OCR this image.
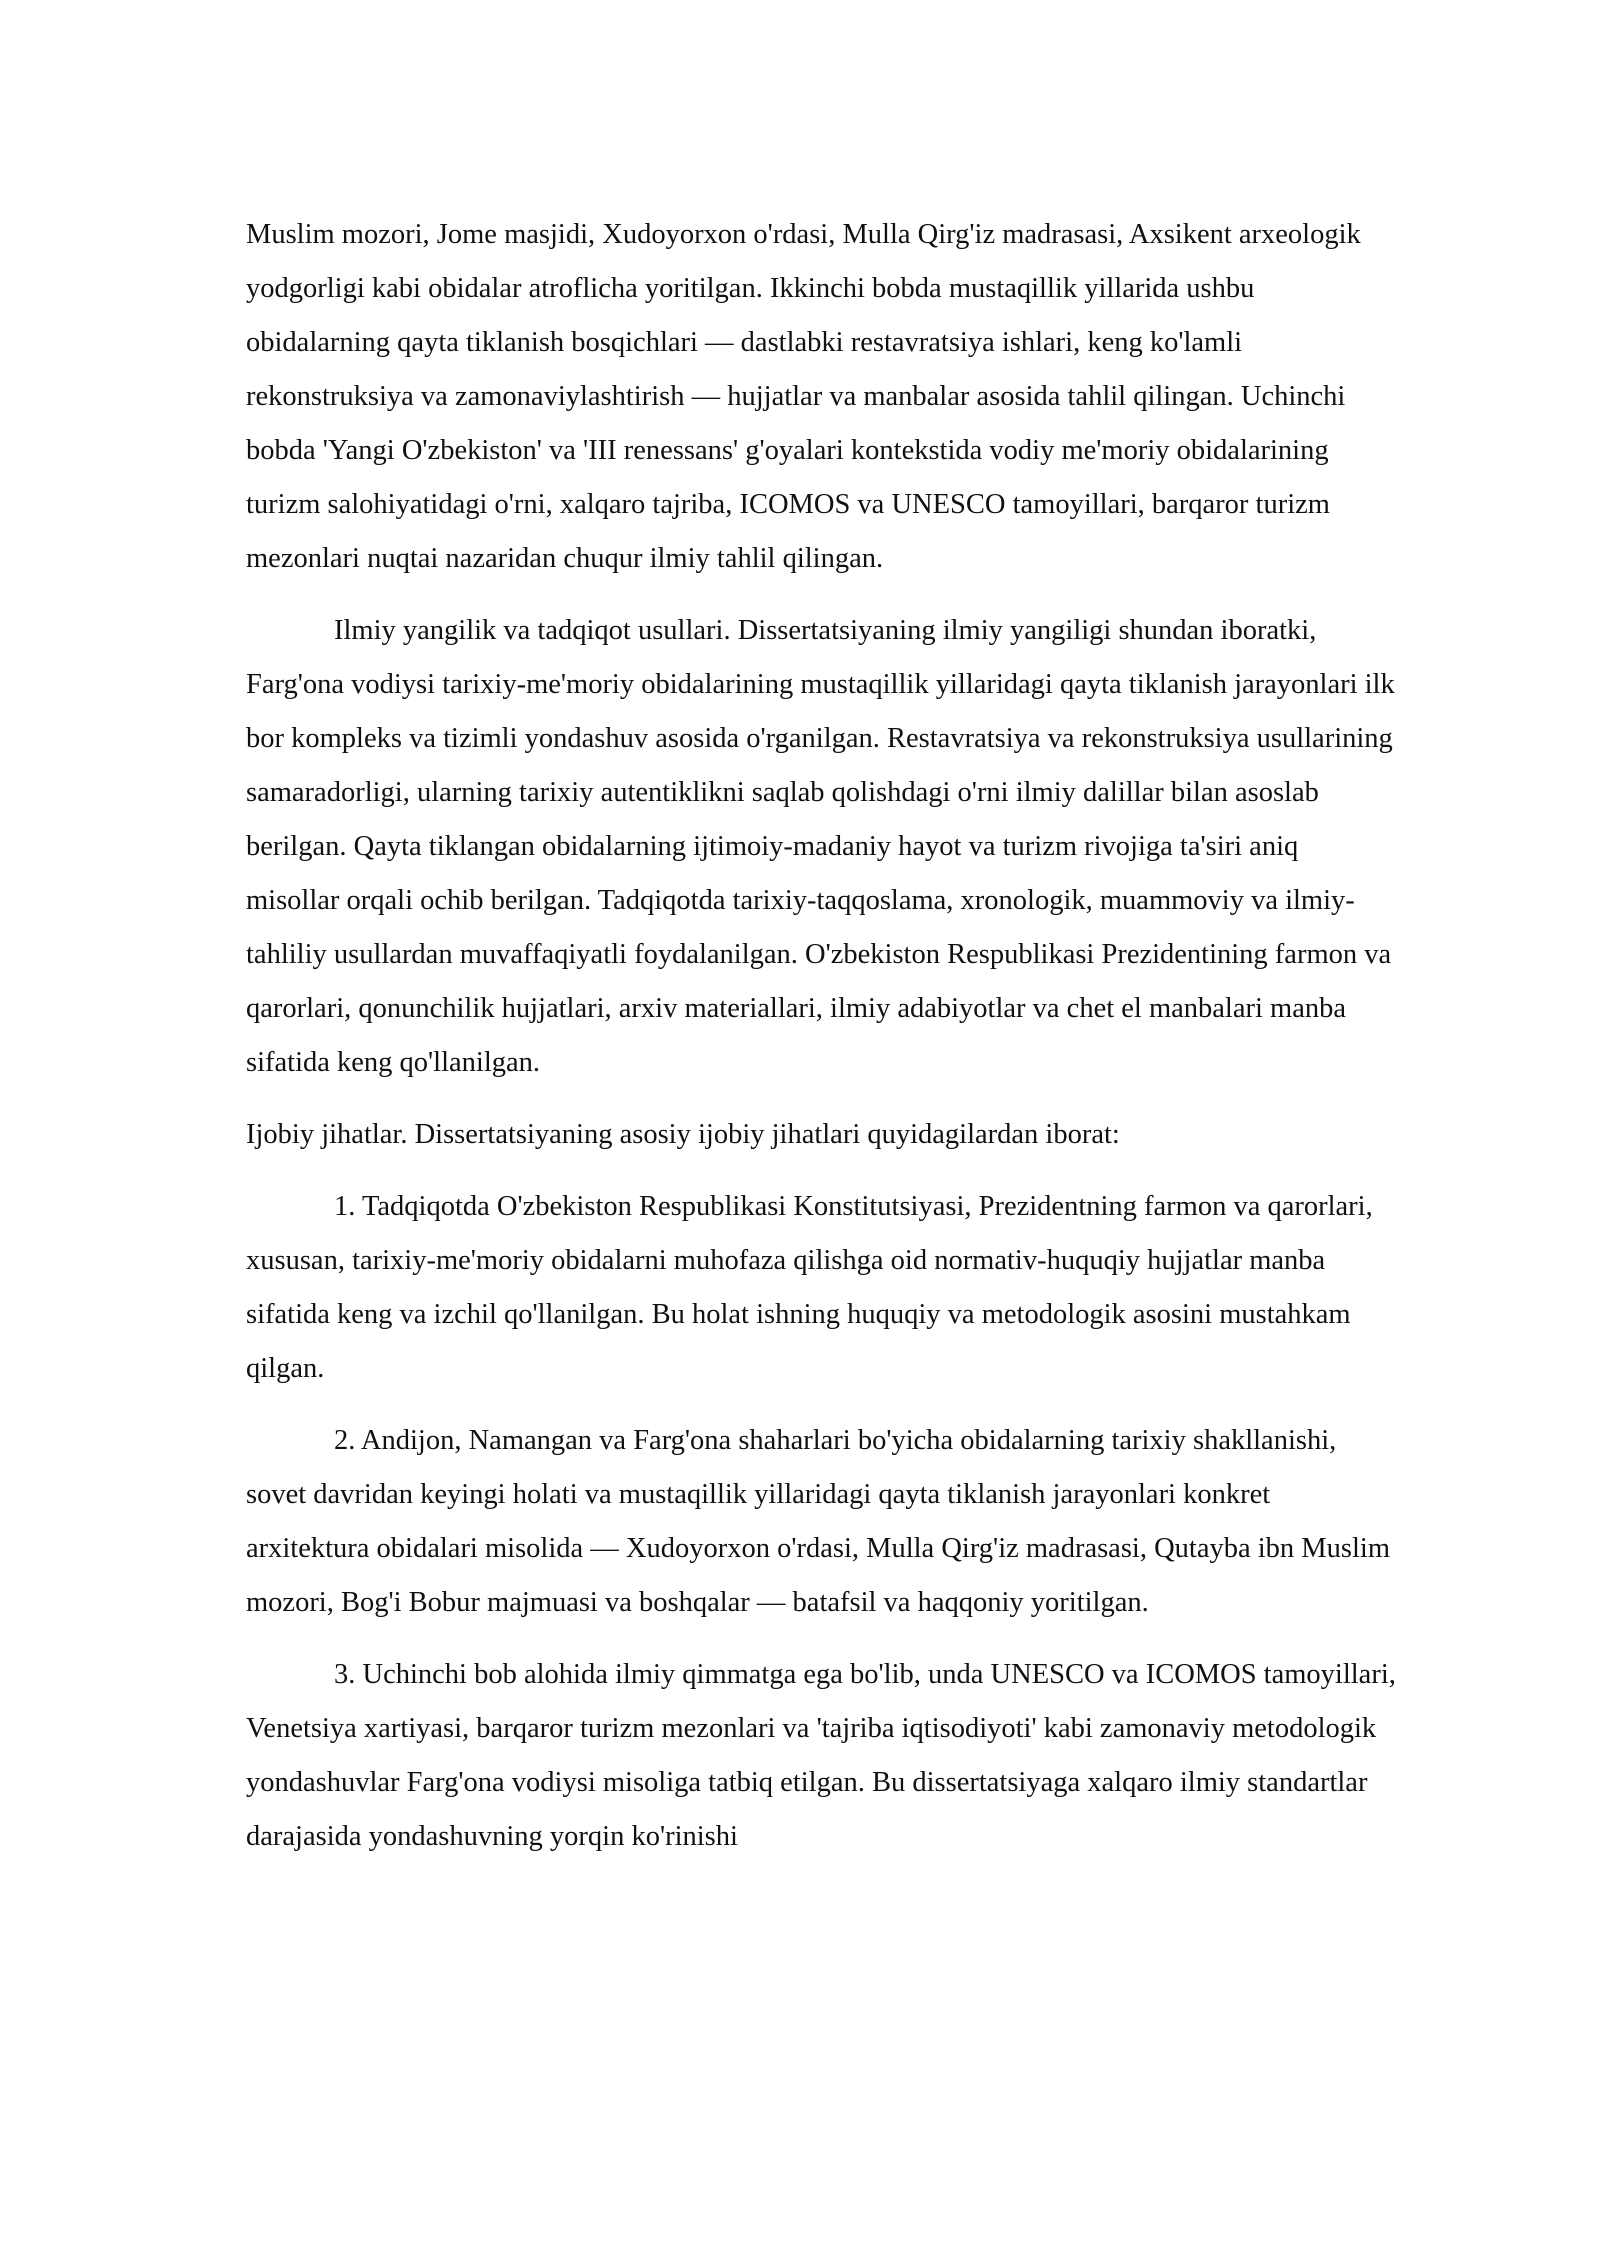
Muslim mozori, Jome masjidi, Xudoyorxon o'rdasi, Mulla Qirg'iz madrasasi, Axsikent arxeologik yodgorligi kabi obidalar atroflicha yoritilgan. Ikkinchi bobda mustaqillik yillarida ushbu obidalarning qayta tiklanish bosqichlari — dastlabki restavratsiya ishlari, keng ko'lamli rekonstruksiya va zamonaviylashtirish — hujjatlar va manbalar asosida tahlil qilingan. Uchinchi bobda 'Yangi O'zbekiston' va 'III renessans' g'oyalari kontekstida vodiy me'moriy obidalarining turizm salohiyatidagi o'rni, xalqaro tajriba, ICOMOS va UNESCO tamoyillari, barqaror turizm mezonlari nuqtai nazaridan chuqur ilmiy tahlil qilingan.

Ilmiy yangilik va tadqiqot usullari. Dissertatsiyaning ilmiy yangiligi shundan iboratki, Farg'ona vodiysi tarixiy-me'moriy obidalarining mustaqillik yillaridagi qayta tiklanish jarayonlari ilk bor kompleks va tizimli yondashuv asosida o'rganilgan. Restavratsiya va rekonstruksiya usullarining samaradorligi, ularning tarixiy autentiklikni saqlab qolishdagi o'rni ilmiy dalillar bilan asoslab berilgan. Qayta tiklangan obidalarning ijtimoiy-madaniy hayot va turizm rivojiga ta'siri aniq misollar orqali ochib berilgan. Tadqiqotda tarixiy-taqqoslama, xronologik, muammoviy va ilmiy-tahliliy usullardan muvaffaqiyatli foydalanilgan. O'zbekiston Respublikasi Prezidentining farmon va qarorlari, qonunchilik hujjatlari, arxiv materiallari, ilmiy adabiyotlar va chet el manbalari manba sifatida keng qo'llanilgan.

Ijobiy jihatlar. Dissertatsiyaning asosiy ijobiy jihatlari quyidagilardan iborat:

1. Tadqiqotda O'zbekiston Respublikasi Konstitutsiyasi, Prezidentning farmon va qarorlari, xususan, tarixiy-me'moriy obidalarni muhofaza qilishga oid normativ-huquqiy hujjatlar manba sifatida keng va izchil qo'llanilgan. Bu holat ishning huquqiy va metodologik asosini mustahkam qilgan.

2. Andijon, Namangan va Farg'ona shaharlari bo'yicha obidalarning tarixiy shakllanishi, sovet davridan keyingi holati va mustaqillik yillaridagi qayta tiklanish jarayonlari konkret arxitektura obidalari misolida — Xudoyorxon o'rdasi, Mulla Qirg'iz madrasasi, Qutayba ibn Muslim mozori, Bog'i Bobur majmuasi va boshqalar — batafsil va haqqoniy yoritilgan.

3. Uchinchi bob alohida ilmiy qimmatga ega bo'lib, unda UNESCO va ICOMOS tamoyillari, Venetsiya xartiyasi, barqaror turizm mezonlari va 'tajriba iqtisodiyoti' kabi zamonaviy metodologik yondashuvlar Farg'ona vodiysi misoliga tatbiq etilgan. Bu dissertatsiyaga xalqaro ilmiy standartlar darajasida yondashuvning yorqin ko'rinishi
